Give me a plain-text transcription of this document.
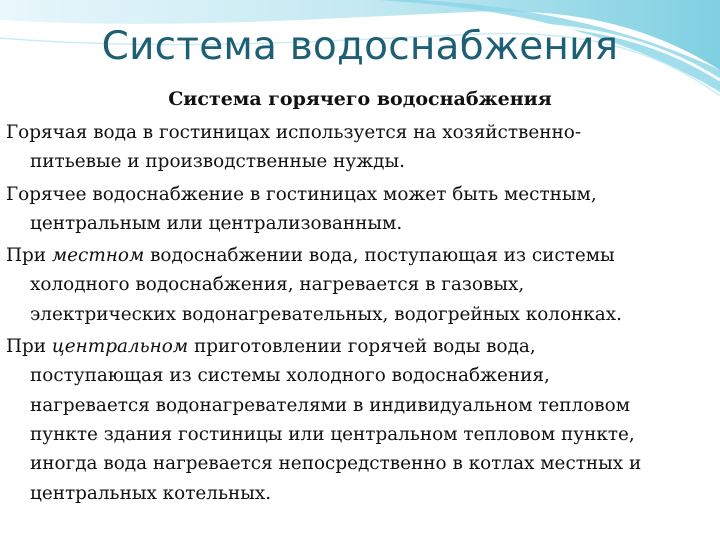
Система водоснабжения
Система горячего водоснабжения
Горячая вода в гостиницах используется на хозяйственно-
питьевые и производственные нужды.
Горячее водоснабжение в гостиницах может быть местным,
центральным или централизованным.
При местном водоснабжении вода, поступающая из системы
холодного водоснабжения, нагревается в газовых,
электрических водонагревательных, водогрейных колонках.
При центральном приготовлении горячей воды вода,
поступающая из системы холодного водоснабжения,
нагревается водонагревателями в индивидуальном тепловом
пункте здания гостиницы или центральном тепловом пункте,
иногда вода нагревается непосредственно в котлах местных и
центральных котельных.
